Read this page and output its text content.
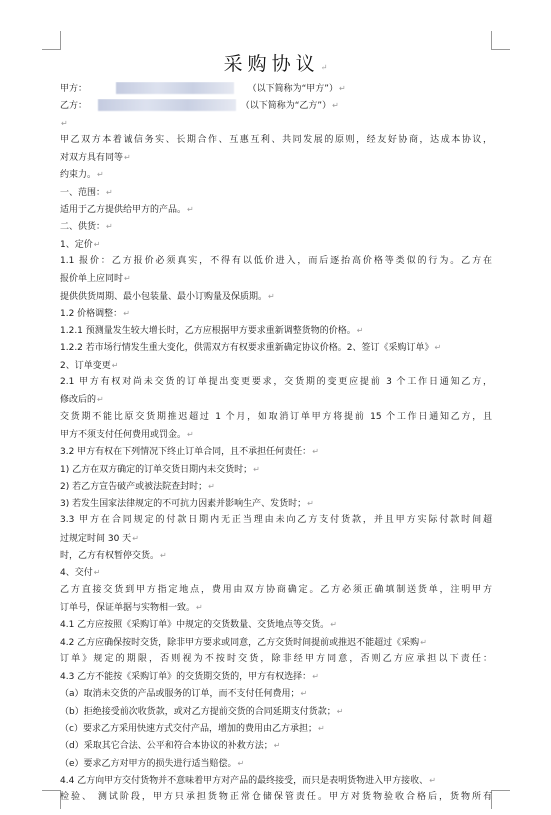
采购协议↵
甲方：	（以下简称为“甲方”）↵
乙方：	（以下简称为“乙方”）↵
↵
甲乙双方本着诚信务实、长期合作、互惠互利、共同发展的原则，经友好协商，达成本协议，
对双方具有同等↵
约束力。↵
一、范围：↵
适用于乙方提供给甲方的产品。↵
二、供货：↵
1、定价↵
1.1 报价：乙方报价必须真实，不得有以低价进入，而后逐抬高价格等类似的行为。乙方在
报价单上应同时↵
提供供货周期、最小包装量、最小订购量及保质期。↵
1.2 价格调整：↵
1.2.1 预测量发生较大增长时，乙方应根据甲方要求重新调整货物的价格。↵
1.2.2 若市场行情发生重大变化，供需双方有权要求重新确定协议价格。2、签订《采购订单》↵
2、订单变更↵
2.1 甲方有权对尚未交货的订单提出变更要求，交货期的变更应提前 3 个工作日通知乙方，
修改后的↵
交货期不能比原交货期推迟超过 1 个月，如取消订单甲方将提前 15 个工作日通知乙方，且
甲方不须支付任何费用或罚金。↵
3.2 甲方有权在下列情况下终止订单合同，且不承担任何责任：↵
1) 乙方在双方确定的订单交货日期内未交货时；↵
2) 若乙方宣告破产或被法院查封时；↵
3) 若发生国家法律规定的不可抗力因素并影响生产、发货时；↵
3.3 甲方在合同规定的付款日期内无正当理由未向乙方支付货款，并且甲方实际付款时间超
过规定时间 30 天↵
时，乙方有权暂停交货。↵
4、交付↵
乙方直接交货到甲方指定地点，费用由双方协商确定。乙方必须正确填制送货单，注明甲方
订单号，保证单据与实物相一致。↵
4.1 乙方应按照《采购订单》中规定的交货数量、交货地点等交货。↵
4.2 乙方应确保按时交货，除非甲方要求或同意，乙方交货时间提前或推迟不能超过《采购↵
订单》规定的期限，否则视为不按时交货，除非经甲方同意，否则乙方应承担以下责任：
4.3 乙方不能按《采购订单》的交货期交货的，甲方有权选择：↵
（a）取消未交货的产品或服务的订单，而不支付任何费用；↵
（b）拒绝接受前次收货款，或对乙方提前交货的合同延期支付货款；↵
（c）要求乙方采用快速方式交付产品，增加的费用由乙方承担；↵
（d）采取其它合法、公平和符合本协议的补救方法；↵
（e）要求乙方对甲方的损失进行适当赔偿。↵
4.4 乙方向甲方交付货物并不意味着甲方对产品的最终接受，而只是表明货物进入甲方接收、↵
检验、 测试阶段，甲方只承担货物正常仓储保管责任。甲方对货物验收合格后，货物所有
